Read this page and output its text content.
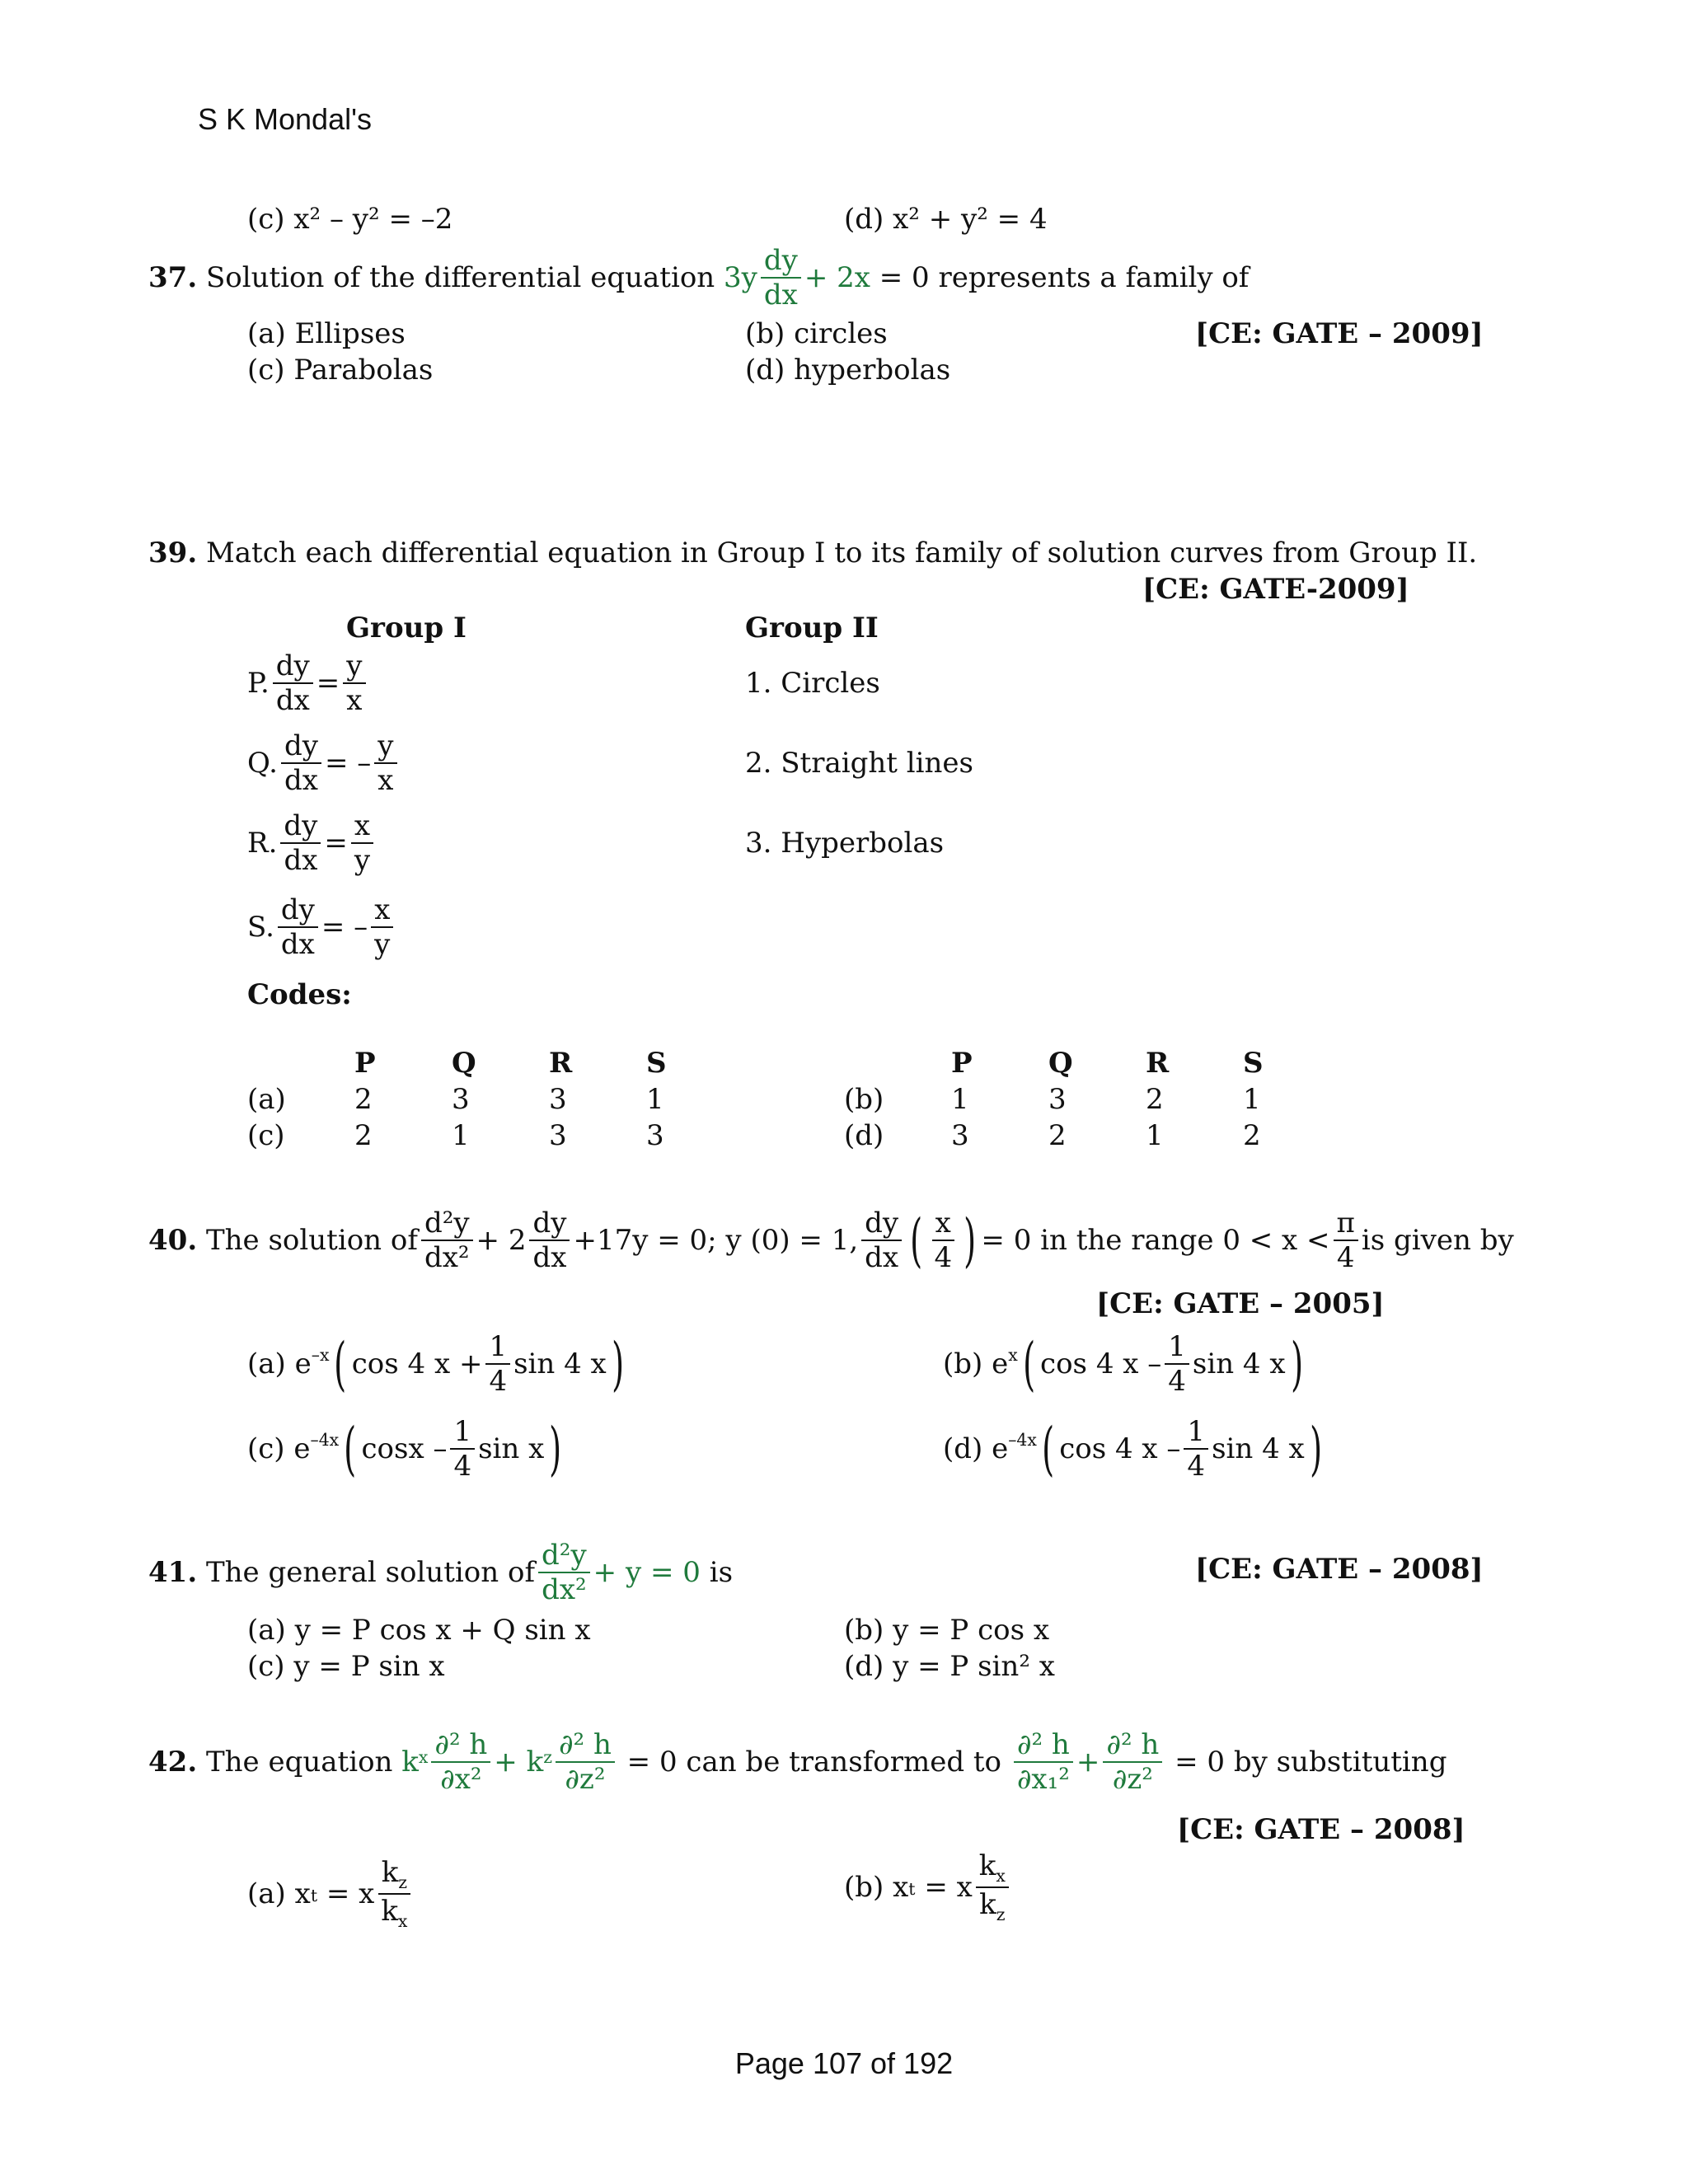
S K Mondal's
(c) x² – y² = –2	(d) x² + y² = 4
37.
Solution of the differential equation
$3y \frac{dy}{dx} + 2x$
= 0 represents a family of
(a) Ellipses	(b) circles	[CE: GATE – 2009]
(c) Parabolas	(d) hyperbolas
39. Match each differential equation in Group I to its family of solution curves from Group II.
[CE: GATE-2009]
Group I	Group II
P. $\frac{dy}{dx} = \frac{y}{x}$
Q. $\frac{dy}{dx}$ = – $\frac{y}{x}$
R. $\frac{dy}{dx} = \frac{x}{y}$
S. $\frac{dy}{dx}$ = – $\frac{x}{y}$
1. Circles
2. Straight lines
3. Hyperbolas
Codes:
	P	Q	R	S
(a)	2	3	3	1
(c)	2	1	3	3
	P	Q	R	S
(b)	1	3	2	1
(d)	3	2	1	2
40.
The solution of $\frac{\text{d²y}}{\text{dx²}} + 2 \frac{dy}{dx} +17y = 0$; y (0) = 1, $\frac{dy}{dx}$ ( $\frac{x}{4}$ ) = 0 in the range $0 < x < \frac{\pi}{4}$ is given by
[CE: GATE – 2005]
(a)
$e^{-x}$ ( cos 4 $x + \frac{1}{4}$ sin 4 x )	(b)
$e^x$ ( cos 4 x – $\frac{1}{4}$ sin 4 x )
(c)
$e^{-4x}$ ( cosx – $\frac{1}{4}$ sin x )	(d)
$e^{-4x}$ ( cos 4 x – $\frac{1}{4}$ sin 4 x )
41.
The general solution of $\frac{\text{d²y}}{\text{dx²}} + y = 0$
is	[CE: GATE – 2008]
(a) y = P cos x + Q sin x	(b) y = P cos x
(c) y = P sin x	(d) y = P sin² x
42.
The equation
k x $\frac{\text{∂² h}}{\text{∂x²}} + k$ z $\frac{\text{∂² h}}{\text{∂z²}}$
= 0 can be transformed to
$\frac{\text{∂² h}}{\text{∂x₁²}} + \frac{\text{∂² h}}{\text{∂z²}}$
= 0 by substituting
[CE: GATE – 2008]
(a)
x t
= x $\frac{k_z}{k_x}$	(b)
x t
= x $\frac{k_x}{k_z}$
Page 107 of 192
